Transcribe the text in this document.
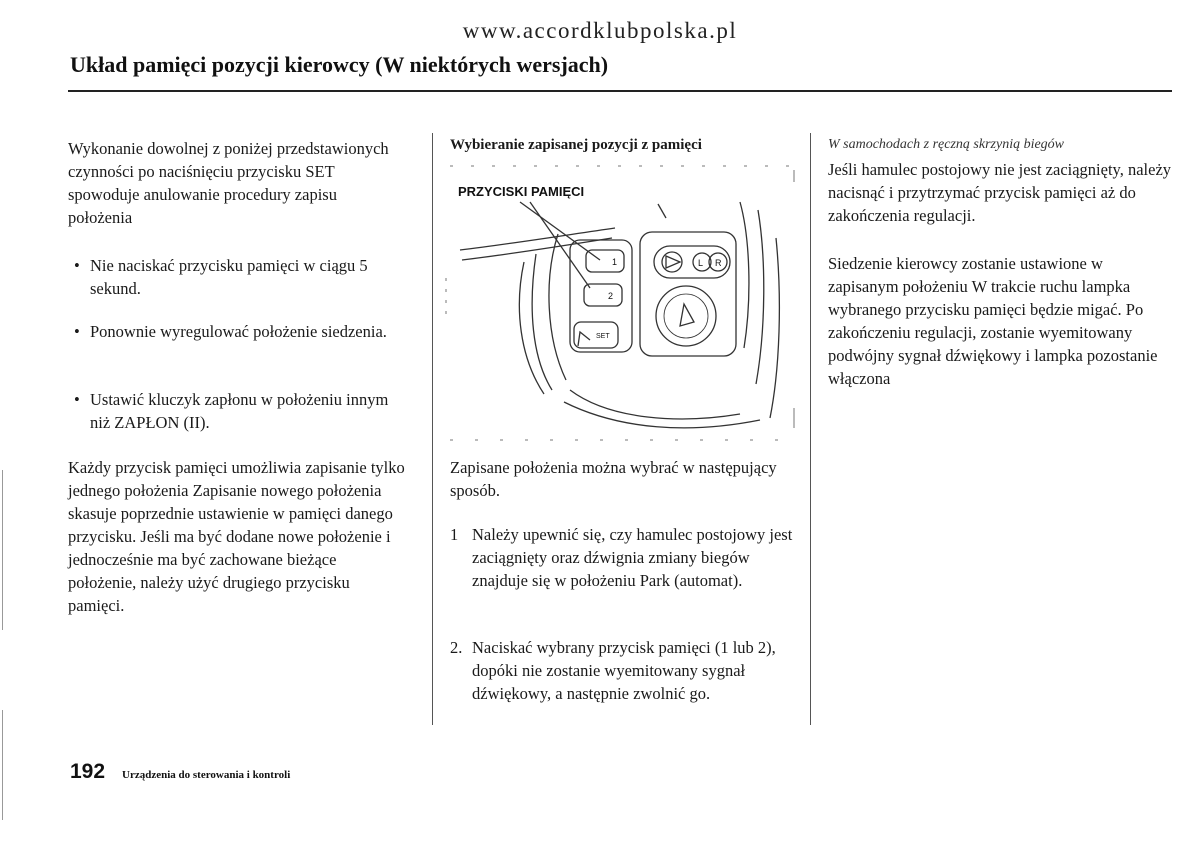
www.accordklubpolska.pl
Układ pamięci pozycji kierowcy (W niektórych wersjach)
Wykonanie dowolnej z poniżej przedstawionych czynności po naciśnięciu przycisku SET spowoduje anulowanie procedury zapisu położenia
• Nie naciskać przycisku pamięci w ciągu 5 sekund.
• Ponownie wyregulować położenie siedzenia.
• Ustawić kluczyk zapłonu w położeniu innym niż ZAPŁON (II).
Każdy przycisk pamięci umożliwia zapisanie tylko jednego położenia Zapisanie nowego położenia skasuje poprzednie ustawienie w pamięci danego przycisku. Jeśli ma być dodane nowe położenie i jednocześnie ma być zachowane bieżące położenie, należy użyć drugiego przycisku pamięci.
Wybieranie zapisanej pozycji z pamięci
1
2
SET
L R
PRZYCISKI PAMIĘCI
Zapisane położenia można wybrać w następujący sposób.
1 Należy upewnić się, czy hamulec postojowy jest zaciągnięty oraz dźwignia zmiany biegów znajduje się w położeniu Park (automat).
2. Naciskać wybrany przycisk pamięci (1 lub 2), dopóki nie zostanie wyemitowany sygnał dźwiękowy, a następnie zwolnić go.
W samochodach z ręczną skrzynią biegów
Jeśli hamulec postojowy nie jest zaciągnięty, należy nacisnąć i przytrzymać przycisk pamięci aż do zakończenia regulacji.
Siedzenie kierowcy zostanie ustawione w zapisanym położeniu W trakcie ruchu lampka wybranego przycisku pamięci będzie migać. Po zakończeniu regulacji, zostanie wyemitowany podwójny sygnał dźwiękowy i lampka pozostanie włączona
192 Urządzenia do sterowania i kontroli
